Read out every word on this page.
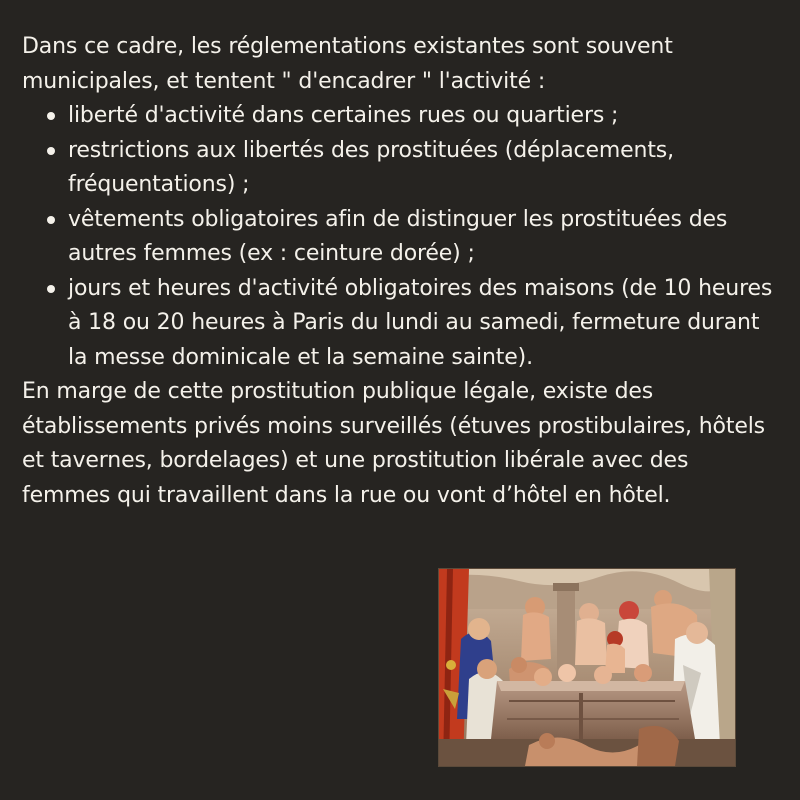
Dans ce cadre, les réglementations existantes sont souvent municipales, et tentent " d'encadrer " l'activité :

liberté d'activité dans certaines rues ou quartiers ;
restrictions aux libertés des prostituées (déplacements, fréquentations) ;
vêtements obligatoires afin de distinguer les prostituées des autres femmes (ex : ceinture dorée) ;
jours et heures d'activité obligatoires des maisons (de 10 heures à 18 ou 20 heures à Paris du lundi au samedi, fermeture durant la messe dominicale et la semaine sainte).

En marge de cette prostitution publique légale, existe des établissements privés moins surveillés (étuves prostibulaires, hôtels et tavernes, bordelages) et une prostitution libérale avec des femmes qui travaillent dans la rue ou vont d’hôtel en hôtel.
